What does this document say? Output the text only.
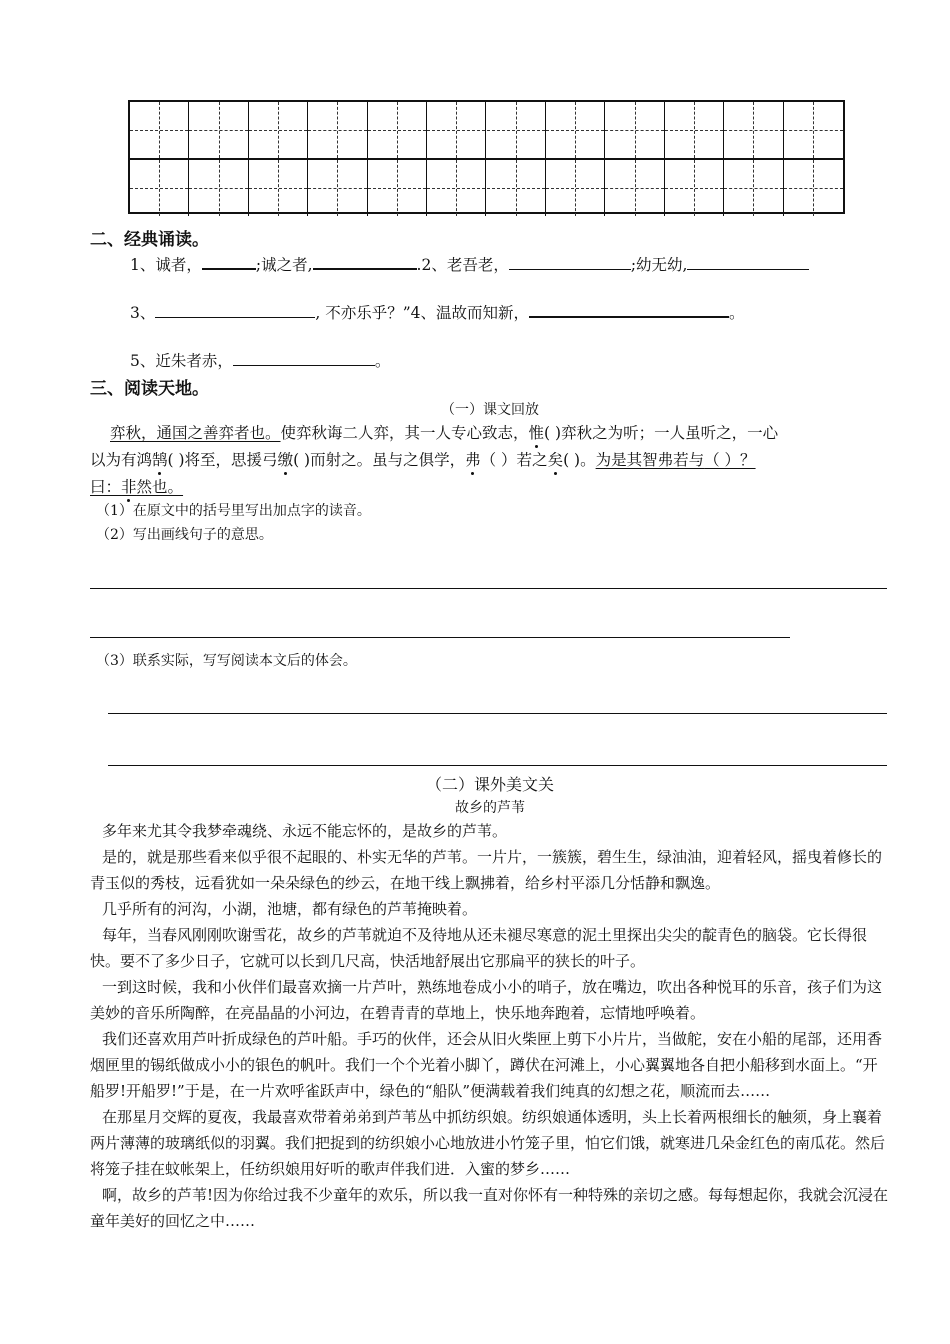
二、经典诵读。
1、诚者，	;诚之者,	.2、老吾老，	;幼无幼,
3、	, 不亦乐乎？”4、温故而知新，	。
5、近朱者赤，	。
三、阅读天地。
（一）课文回放

弈秋，通国之善弈者也。使弈秋诲二人弈，其一人专心致志，惟( )弈秋之为听；一人虽听之，一心

以为有鸿鹄( )将至，思援弓缴( )而射之。虽与之俱学，弗（ ）若之矣( )。为是其智弗若与（ ）？

曰：非然也。

（1）在原文中的括号里写出加点字的读音。
（2）写出画线句子的意思。
（3）联系实际，写写阅读本文后的体会。
（二）课外美文关
故乡的芦苇

多年来尤其令我梦牵魂绕、永远不能忘怀的，是故乡的芦苇。

是的，就是那些看来似乎很不起眼的、朴实无华的芦苇。一片片，一簇簇，碧生生，绿油油，迎着轻风，摇曳着修长的青玉似的秀枝，远看犹如一朵朵绿色的纱云，在地干线上飘拂着，给乡村平添几分恬静和飘逸。

几乎所有的河沟，小湖，池塘，都有绿色的芦苇掩映着。

每年，当春风刚刚吹谢雪花，故乡的芦苇就迫不及待地从还未褪尽寒意的泥土里探出尖尖的靛青色的脑袋。它长得很快。要不了多少日子，它就可以长到几尺高，快活地舒展出它那扁平的狭长的叶子。

一到这时候，我和小伙伴们最喜欢摘一片芦叶，熟练地卷成小小的哨子，放在嘴边，吹出各种悦耳的乐音，孩子们为这美妙的音乐所陶醉，在亮晶晶的小河边，在碧青青的草地上，快乐地奔跑着，忘情地呼唤着。

我们还喜欢用芦叶折成绿色的芦叶船。手巧的伙伴，还会从旧火柴匣上剪下小片片，当做舵，安在小船的尾部，还用香烟匣里的锡纸做成小小的银色的帆叶。我们一个个光着小脚丫，蹲伏在河滩上，小心翼翼地各自把小船移到水面上。“开船罗!开船罗!”于是，在一片欢呼雀跃声中，绿色的“船队”便满载着我们纯真的幻想之花，顺流而去……

在那星月交辉的夏夜，我最喜欢带着弟弟到芦苇丛中抓纺织娘。纺织娘通体透明，头上长着两根细长的触须，身上襄着两片薄薄的玻璃纸似的羽翼。我们把捉到的纺织娘小心地放进小竹笼子里，怕它们饿，就寒进几朵金红色的南瓜花。然后将笼子挂在蚊帐架上，任纺织娘用好听的歌声伴我们进．入蜜的梦乡……

啊，故乡的芦苇!因为你给过我不少童年的欢乐，所以我一直对你怀有一种特殊的亲切之感。每每想起你，我就会沉浸在童年美好的回忆之中……
